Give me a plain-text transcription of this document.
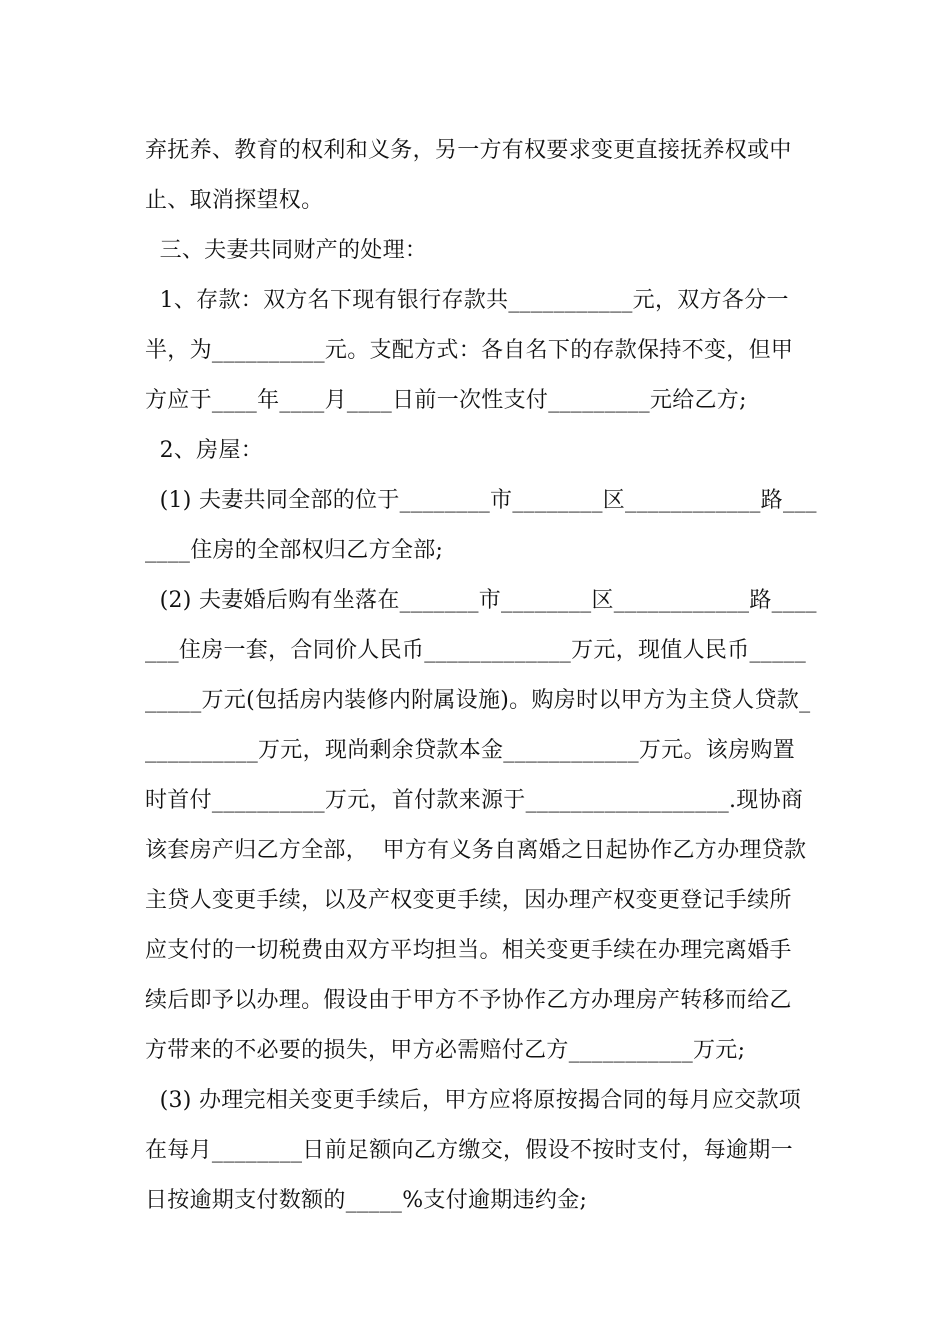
弃抚养、教育的权利和义务，另一方有权要求变更直接抚养权或中
止、取消探望权。
三、夫妻共同财产的处理：
1、存款：双方名下现有银行存款共___________元，双方各分一
半，为__________元。支配方式：各自名下的存款保持不变，但甲
方应于____年____月____日前一次性支付_________元给乙方;
2、房屋：
(1) 夫妻共同全部的位于________市________区____________路___
____住房的全部权归乙方全部;
(2) 夫妻婚后购有坐落在_______市________区____________路____
___住房一套，合同价人民币_____________万元，现值人民币_____
_____万元(包括房内装修内附属设施)。购房时以甲方为主贷人贷款_
__________万元，现尚剩余贷款本金____________万元。该房购置
时首付__________万元，首付款来源于__________________.现协商
该套房产归乙方全部，  甲方有义务自离婚之日起协作乙方办理贷款
主贷人变更手续，以及产权变更手续，因办理产权变更登记手续所
应支付的一切税费由双方平均担当。相关变更手续在办理完离婚手
续后即予以办理。假设由于甲方不予协作乙方办理房产转移而给乙
方带来的不必要的损失，甲方必需赔付乙方___________万元;
(3) 办理完相关变更手续后，甲方应将原按揭合同的每月应交款项
在每月________日前足额向乙方缴交，假设不按时支付，每逾期一
日按逾期支付数额的_____%支付逾期违约金;
